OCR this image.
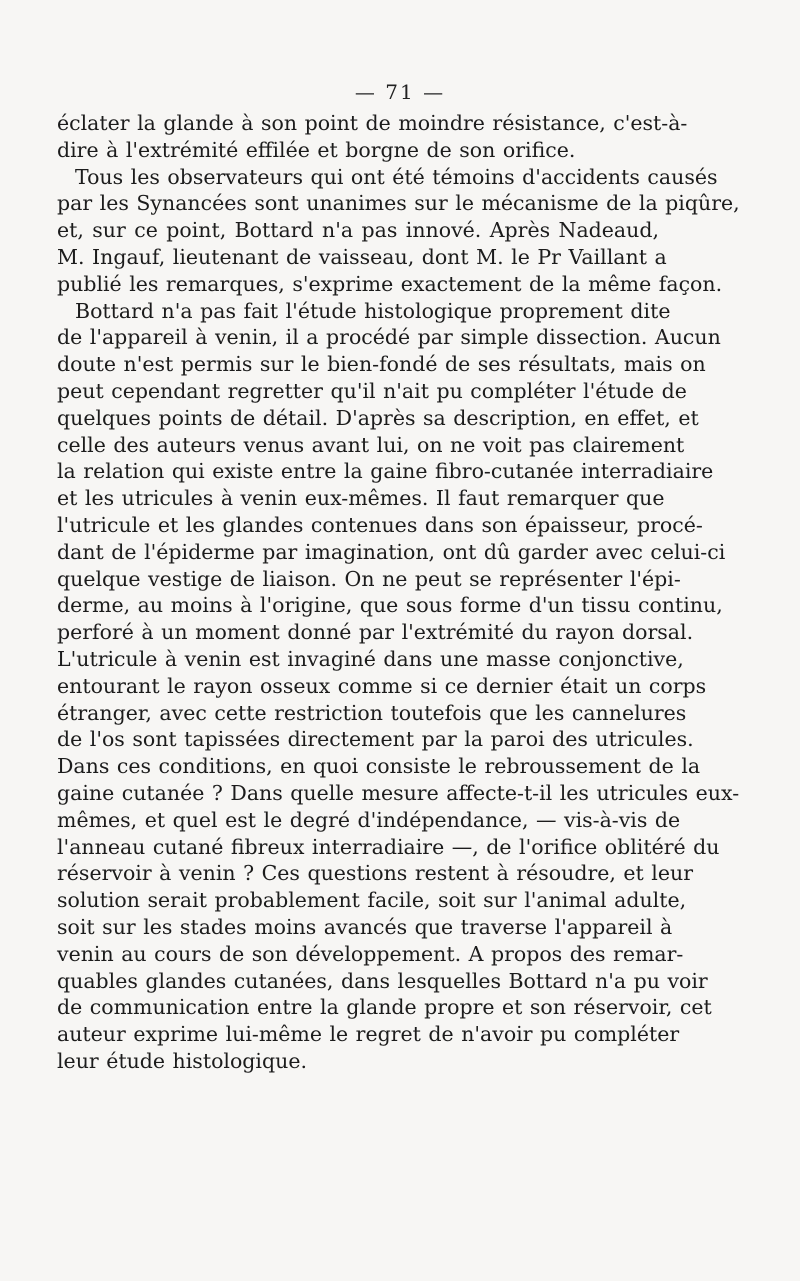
— 71 —
éclater la glande à son point de moindre résistance, c'est-à-
dire à l'extrémité effilée et borgne de son orifice.
Tous les observateurs qui ont été témoins d'accidents causés
par les Synancées sont unanimes sur le mécanisme de la piqûre,
et, sur ce point, Bottard n'a pas innové. Après Nadeaud,
M. Ingauf, lieutenant de vaisseau, dont M. le Pr Vaillant a
publié les remarques, s'exprime exactement de la même façon.
Bottard n'a pas fait l'étude histologique proprement dite
de l'appareil à venin, il a procédé par simple dissection. Aucun
doute n'est permis sur le bien-fondé de ses résultats, mais on
peut cependant regretter qu'il n'ait pu compléter l'étude de
quelques points de détail. D'après sa description, en effet, et
celle des auteurs venus avant lui, on ne voit pas clairement
la relation qui existe entre la gaine fibro-cutanée interradiaire
et les utricules à venin eux-mêmes. Il faut remarquer que
l'utricule et les glandes contenues dans son épaisseur, procé-
dant de l'épiderme par imagination, ont dû garder avec celui-ci
quelque vestige de liaison. On ne peut se représenter l'épi-
derme, au moins à l'origine, que sous forme d'un tissu continu,
perforé à un moment donné par l'extrémité du rayon dorsal.
L'utricule à venin est invaginé dans une masse conjonctive,
entourant le rayon osseux comme si ce dernier était un corps
étranger, avec cette restriction toutefois que les cannelures
de l'os sont tapissées directement par la paroi des utricules.
Dans ces conditions, en quoi consiste le rebroussement de la
gaine cutanée ? Dans quelle mesure affecte-t-il les utricules eux-
mêmes, et quel est le degré d'indépendance, — vis-à-vis de
l'anneau cutané fibreux interradiaire —, de l'orifice oblitéré du
réservoir à venin ? Ces questions restent à résoudre, et leur
solution serait probablement facile, soit sur l'animal adulte,
soit sur les stades moins avancés que traverse l'appareil à
venin au cours de son développement. A propos des remar-
quables glandes cutanées, dans lesquelles Bottard n'a pu voir
de communication entre la glande propre et son réservoir, cet
auteur exprime lui-même le regret de n'avoir pu compléter
leur étude histologique.
